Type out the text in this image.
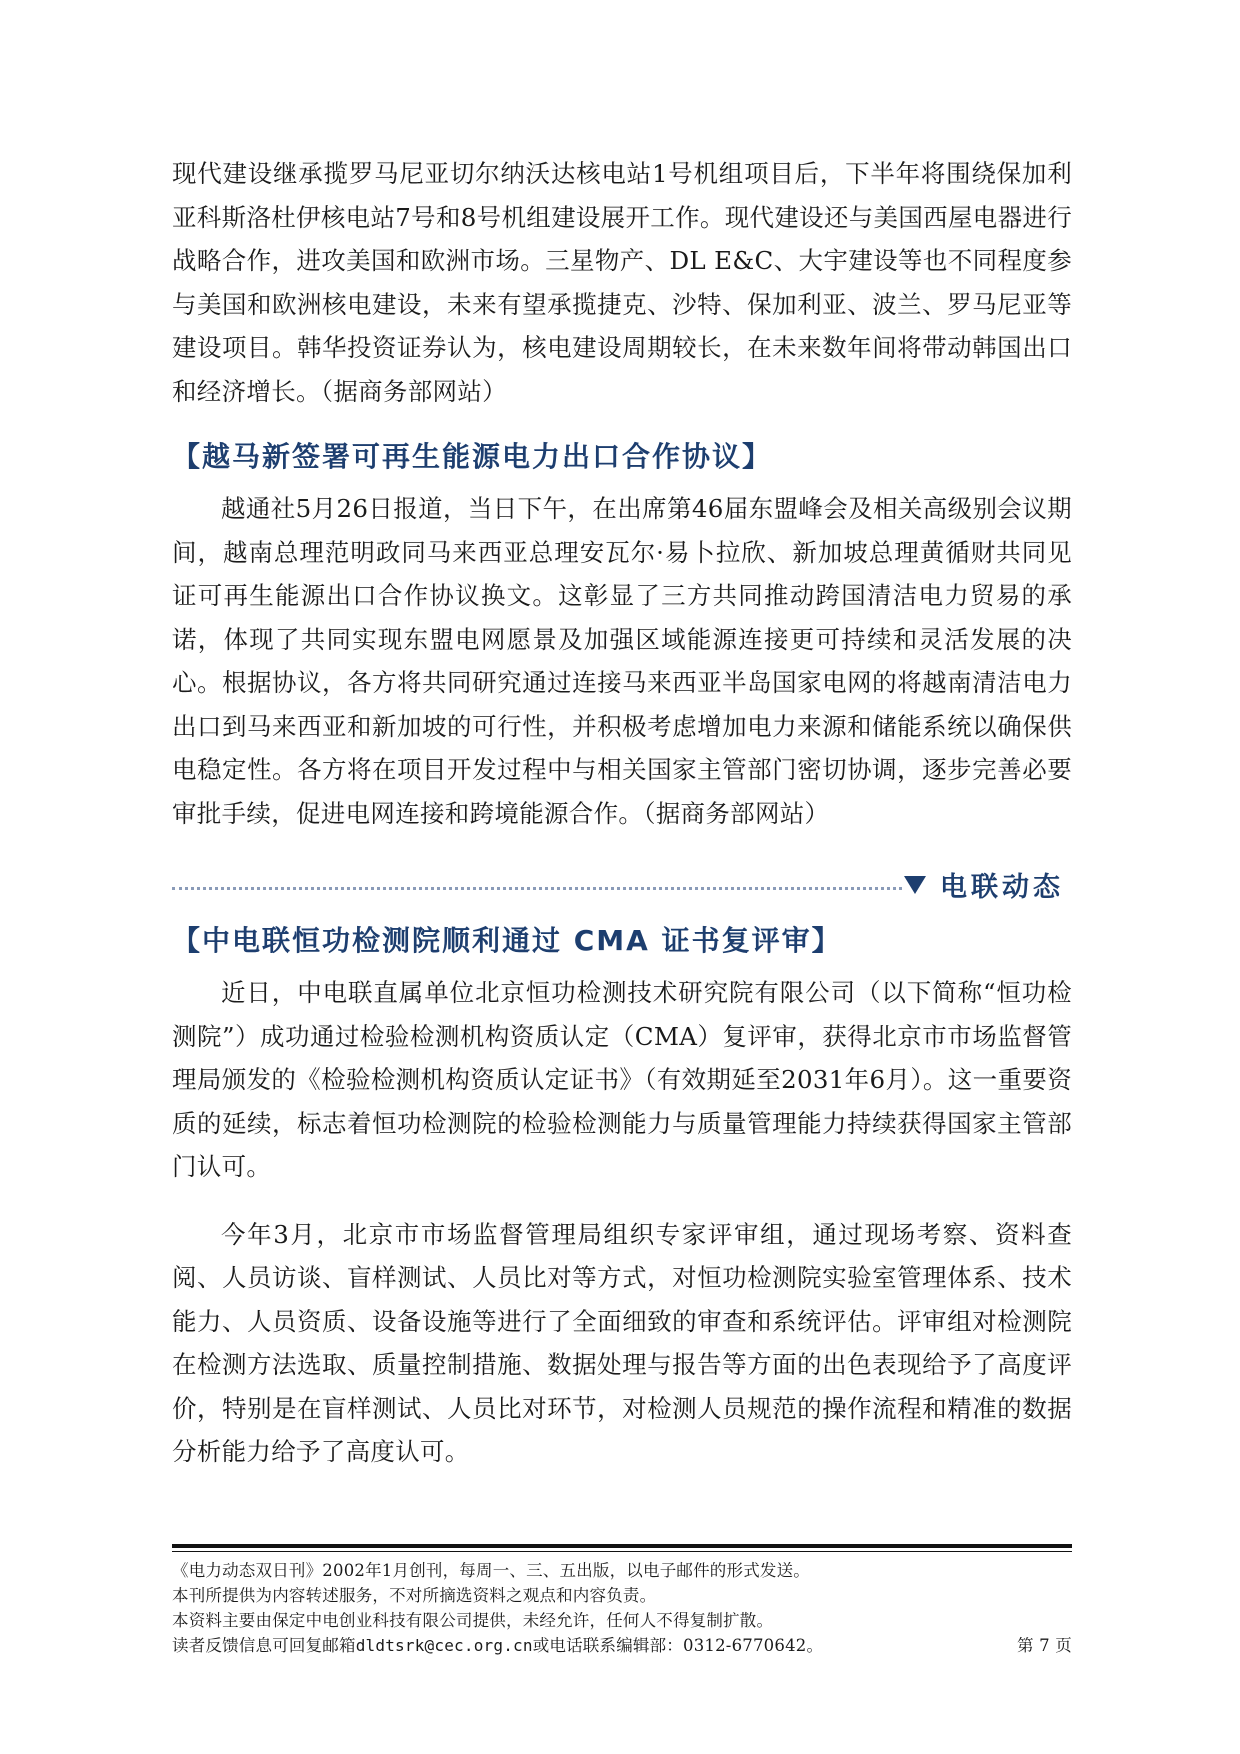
现代建设继承揽罗马尼亚切尔纳沃达核电站1号机组项目后，下半年将围绕保加利亚科斯洛杜伊核电站7号和8号机组建设展开工作。现代建设还与美国西屋电器进行战略合作，进攻美国和欧洲市场。三星物产、DL E&C、大宇建设等也不同程度参与美国和欧洲核电建设，未来有望承揽捷克、沙特、保加利亚、波兰、罗马尼亚等建设项目。韩华投资证券认为，核电建设周期较长，在未来数年间将带动韩国出口和经济增长。（据商务部网站）

【越马新签署可再生能源电力出口合作协议】

越通社5月26日报道，当日下午，在出席第46届东盟峰会及相关高级别会议期间，越南总理范明政同马来西亚总理安瓦尔·易卜拉欣、新加坡总理黄循财共同见证可再生能源出口合作协议换文。这彰显了三方共同推动跨国清洁电力贸易的承诺，体现了共同实现东盟电网愿景及加强区域能源连接更可持续和灵活发展的决心。根据协议，各方将共同研究通过连接马来西亚半岛国家电网的将越南清洁电力出口到马来西亚和新加坡的可行性，并积极考虑增加电力来源和储能系统以确保供电稳定性。各方将在项目开发过程中与相关国家主管部门密切协调，逐步完善必要审批手续，促进电网连接和跨境能源合作。（据商务部网站）

电联动态
【中电联恒功检测院顺利通过 CMA 证书复评审】

近日，中电联直属单位北京恒功检测技术研究院有限公司（以下简称“恒功检测院”）成功通过检验检测机构资质认定（CMA）复评审，获得北京市市场监督管理局颁发的《检验检测机构资质认定证书》（有效期延至2031年6月）。这一重要资质的延续，标志着恒功检测院的检验检测能力与质量管理能力持续获得国家主管部门认可。

今年3月，北京市市场监督管理局组织专家评审组，通过现场考察、资料查阅、人员访谈、盲样测试、人员比对等方式，对恒功检测院实验室管理体系、技术能力、人员资质、设备设施等进行了全面细致的审查和系统评估。评审组对检测院在检测方法选取、质量控制措施、数据处理与报告等方面的出色表现给予了高度评价，特别是在盲样测试、人员比对环节，对检测人员规范的操作流程和精准的数据分析能力给予了高度认可。

《电力动态双日刊》2002年1月创刊，每周一、三、五出版，以电子邮件的形式发送。

本刊所提供为内容转述服务，不对所摘选资料之观点和内容负责。

本资料主要由保定中电创业科技有限公司提供，未经允许，任何人不得复制扩散。

读者反馈信息可回复邮箱dldtsrk@cec.org.cn或电话联系编辑部：0312-6770642。	第 7 页
